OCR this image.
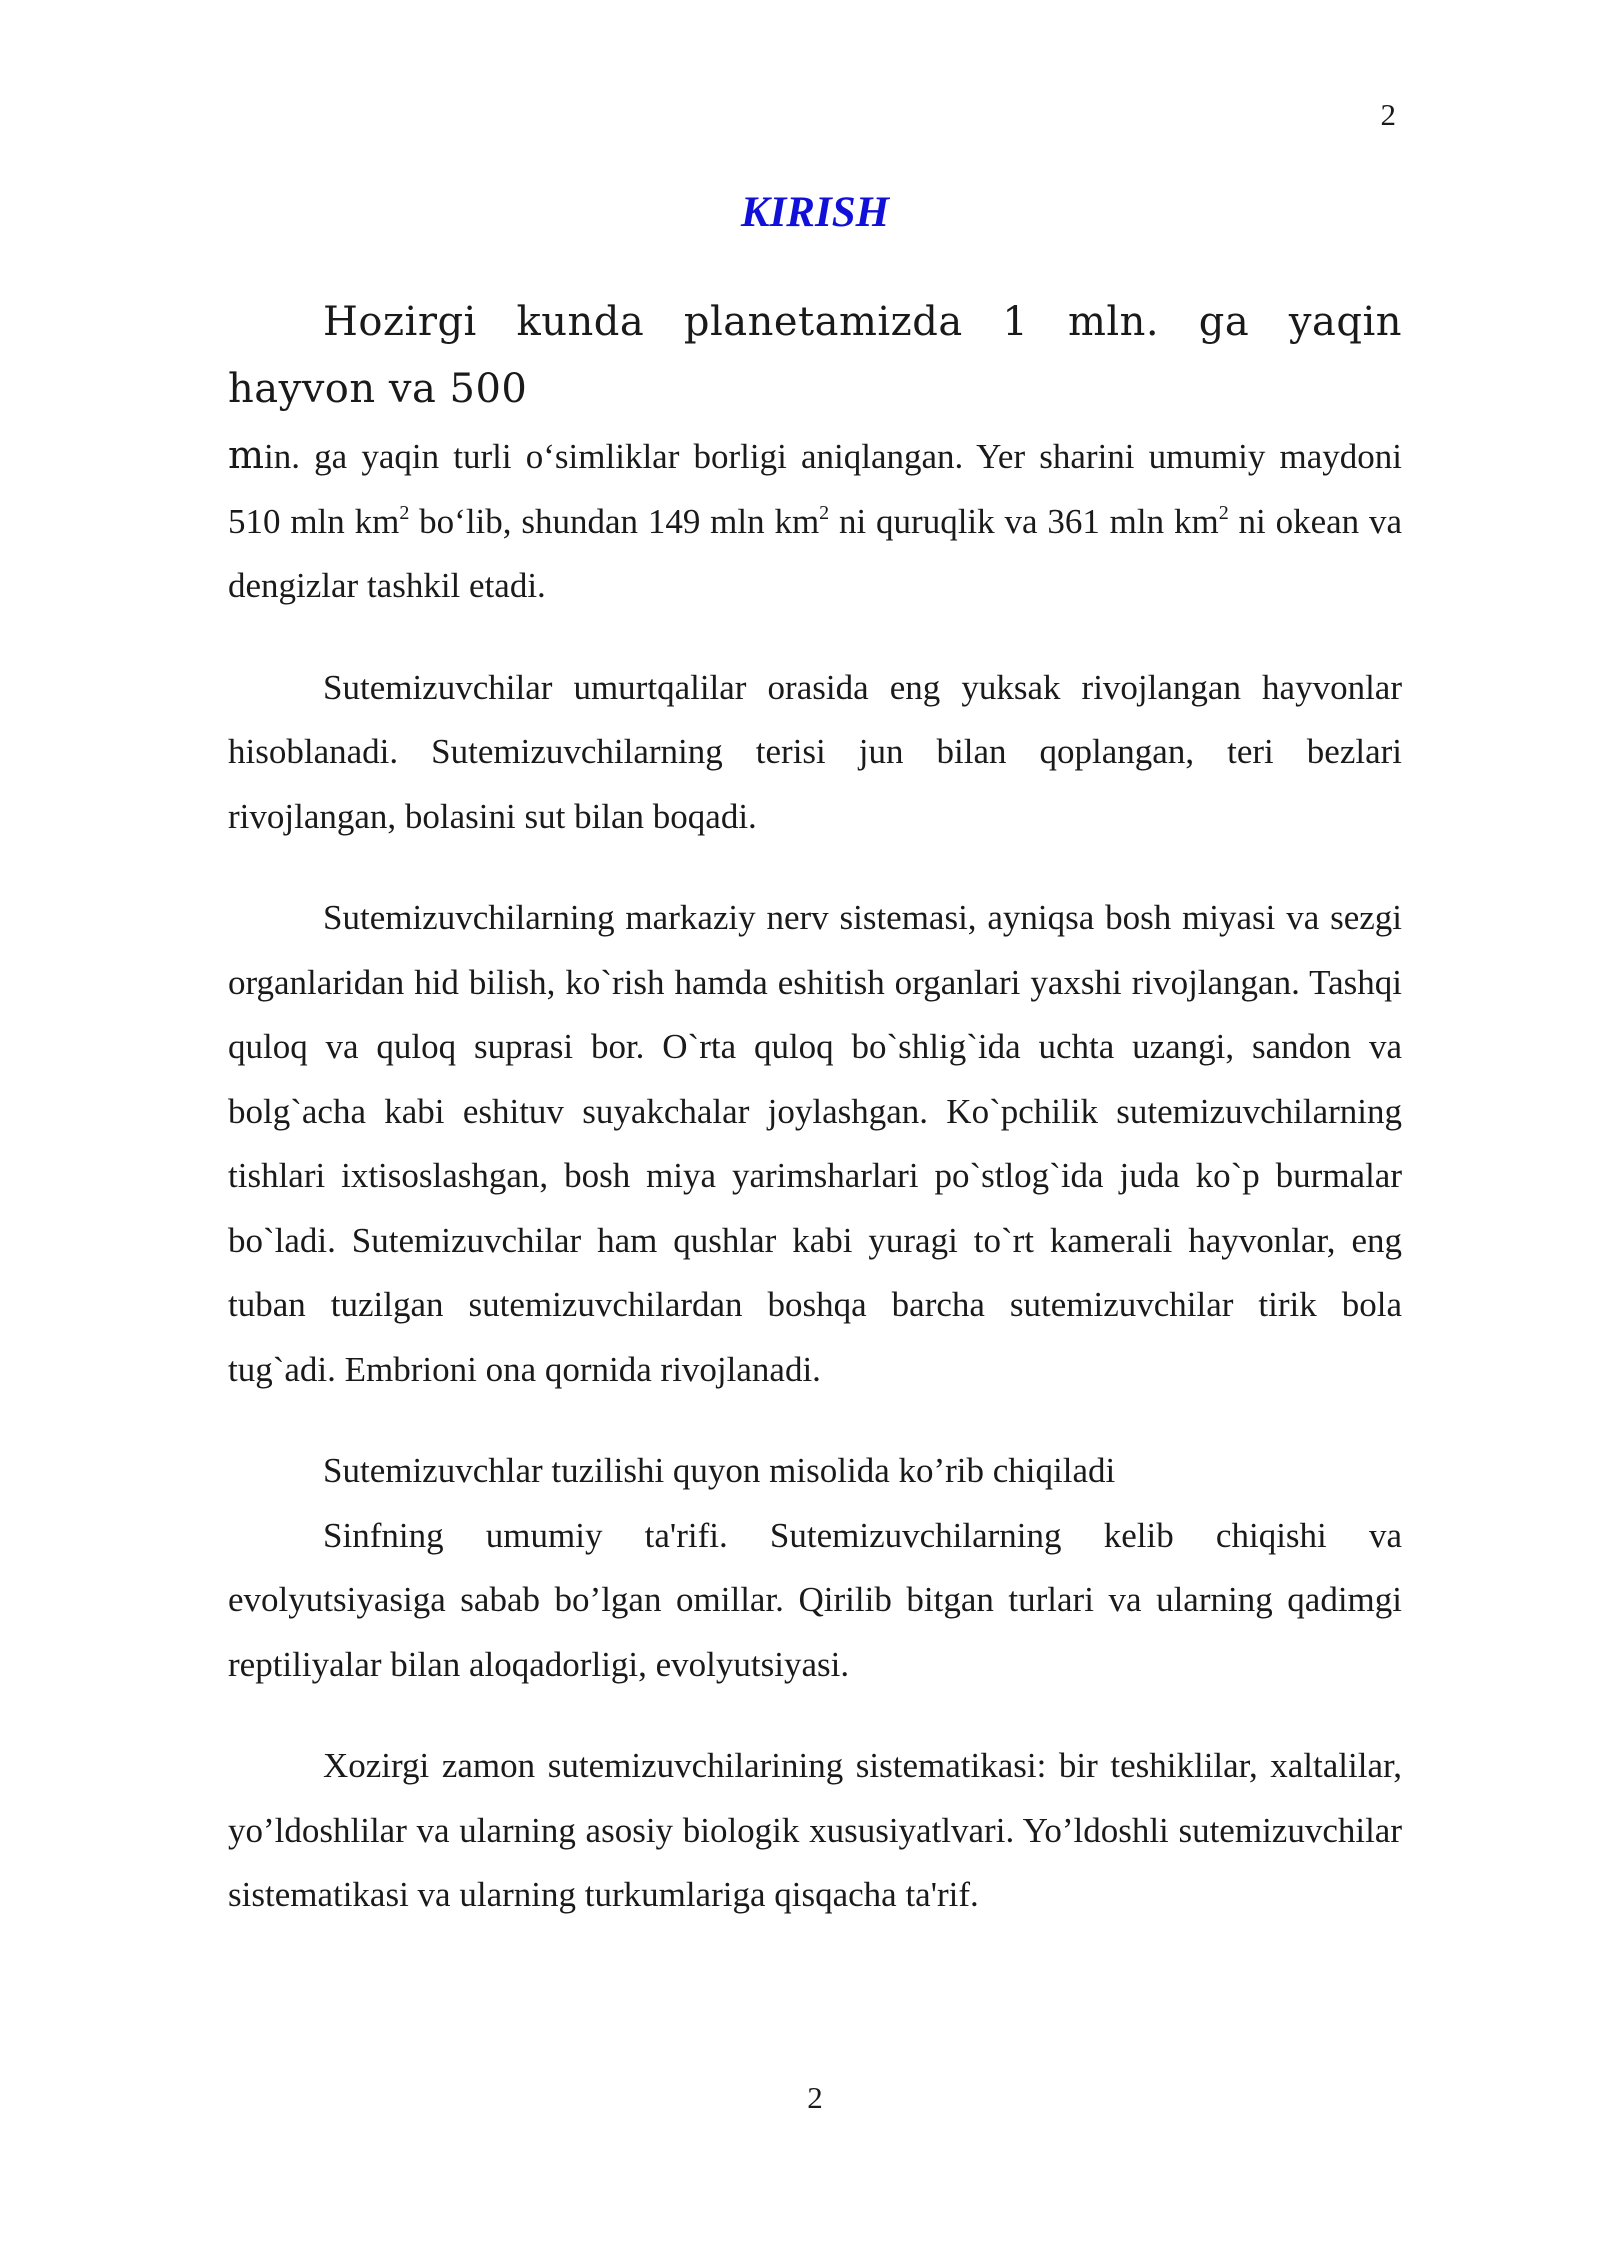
2
KIRISH

Hozirgi kunda planetamizda 1 mln. ga yaqin hayvon va 500
min. ga yaqin turli o‘simliklar borligi aniqlangan. Yer sharini umumiy maydoni 510 mln $km^2$ bo‘lib, shundan 149 mln $km^2$ ni quruqlik va 361 mln $km^2$ ni okean va dengizlar tashkil etadi.

Sutemizuvchilar umurtqalilar orasida eng yuksak rivojlangan hayvonlar hisoblanadi. Sutemizuvchilarning terisi jun bilan qoplangan, teri bezlari rivojlangan, bolasini sut bilan boqadi.

Sutemizuvchilarning markaziy nerv sistemasi, ayniqsa bosh miyasi va sezgi organlaridan hid bilish, ko`rish hamda eshitish organlari yaxshi rivojlangan. Tashqi quloq va quloq suprasi bor. O`rta quloq bo`shlig`ida uchta uzangi, sandon va bolg`acha kabi eshituv suyakchalar joylashgan. Ko`pchilik sutemizuvchilarning tishlari ixtisoslashgan, bosh miya yarimsharlari po`stlog`ida juda ko`p burmalar bo`ladi. Sutemizuvchilar ham qushlar kabi yuragi to`rt kamerali hayvonlar, eng tuban tuzilgan sutemizuvchilardan boshqa barcha sutemizuvchilar tirik bola tug`adi. Embrioni ona qornida rivojlanadi.

Sutemizuvchlar tuzilishi quyon misolida ko’rib chiqiladi

Sinfning umumiy ta'rifi. Sutemizuvchilarning kelib chiqishi va evolyutsiyasiga sabab bo’lgan omillar. Qirilib bitgan turlari va ularning qadimgi reptiliyalar bilan aloqadorligi, evolyutsiyasi.

Xozirgi zamon sutemizuvchilarining sistematikasi: bir teshiklilar, xaltalilar, yo’ldoshlilar va ularning asosiy biologik xususiyatlvari. Yo’ldoshli sutemizuvchilar sistematikasi va ularning turkumlariga qisqacha ta'rif.

2
